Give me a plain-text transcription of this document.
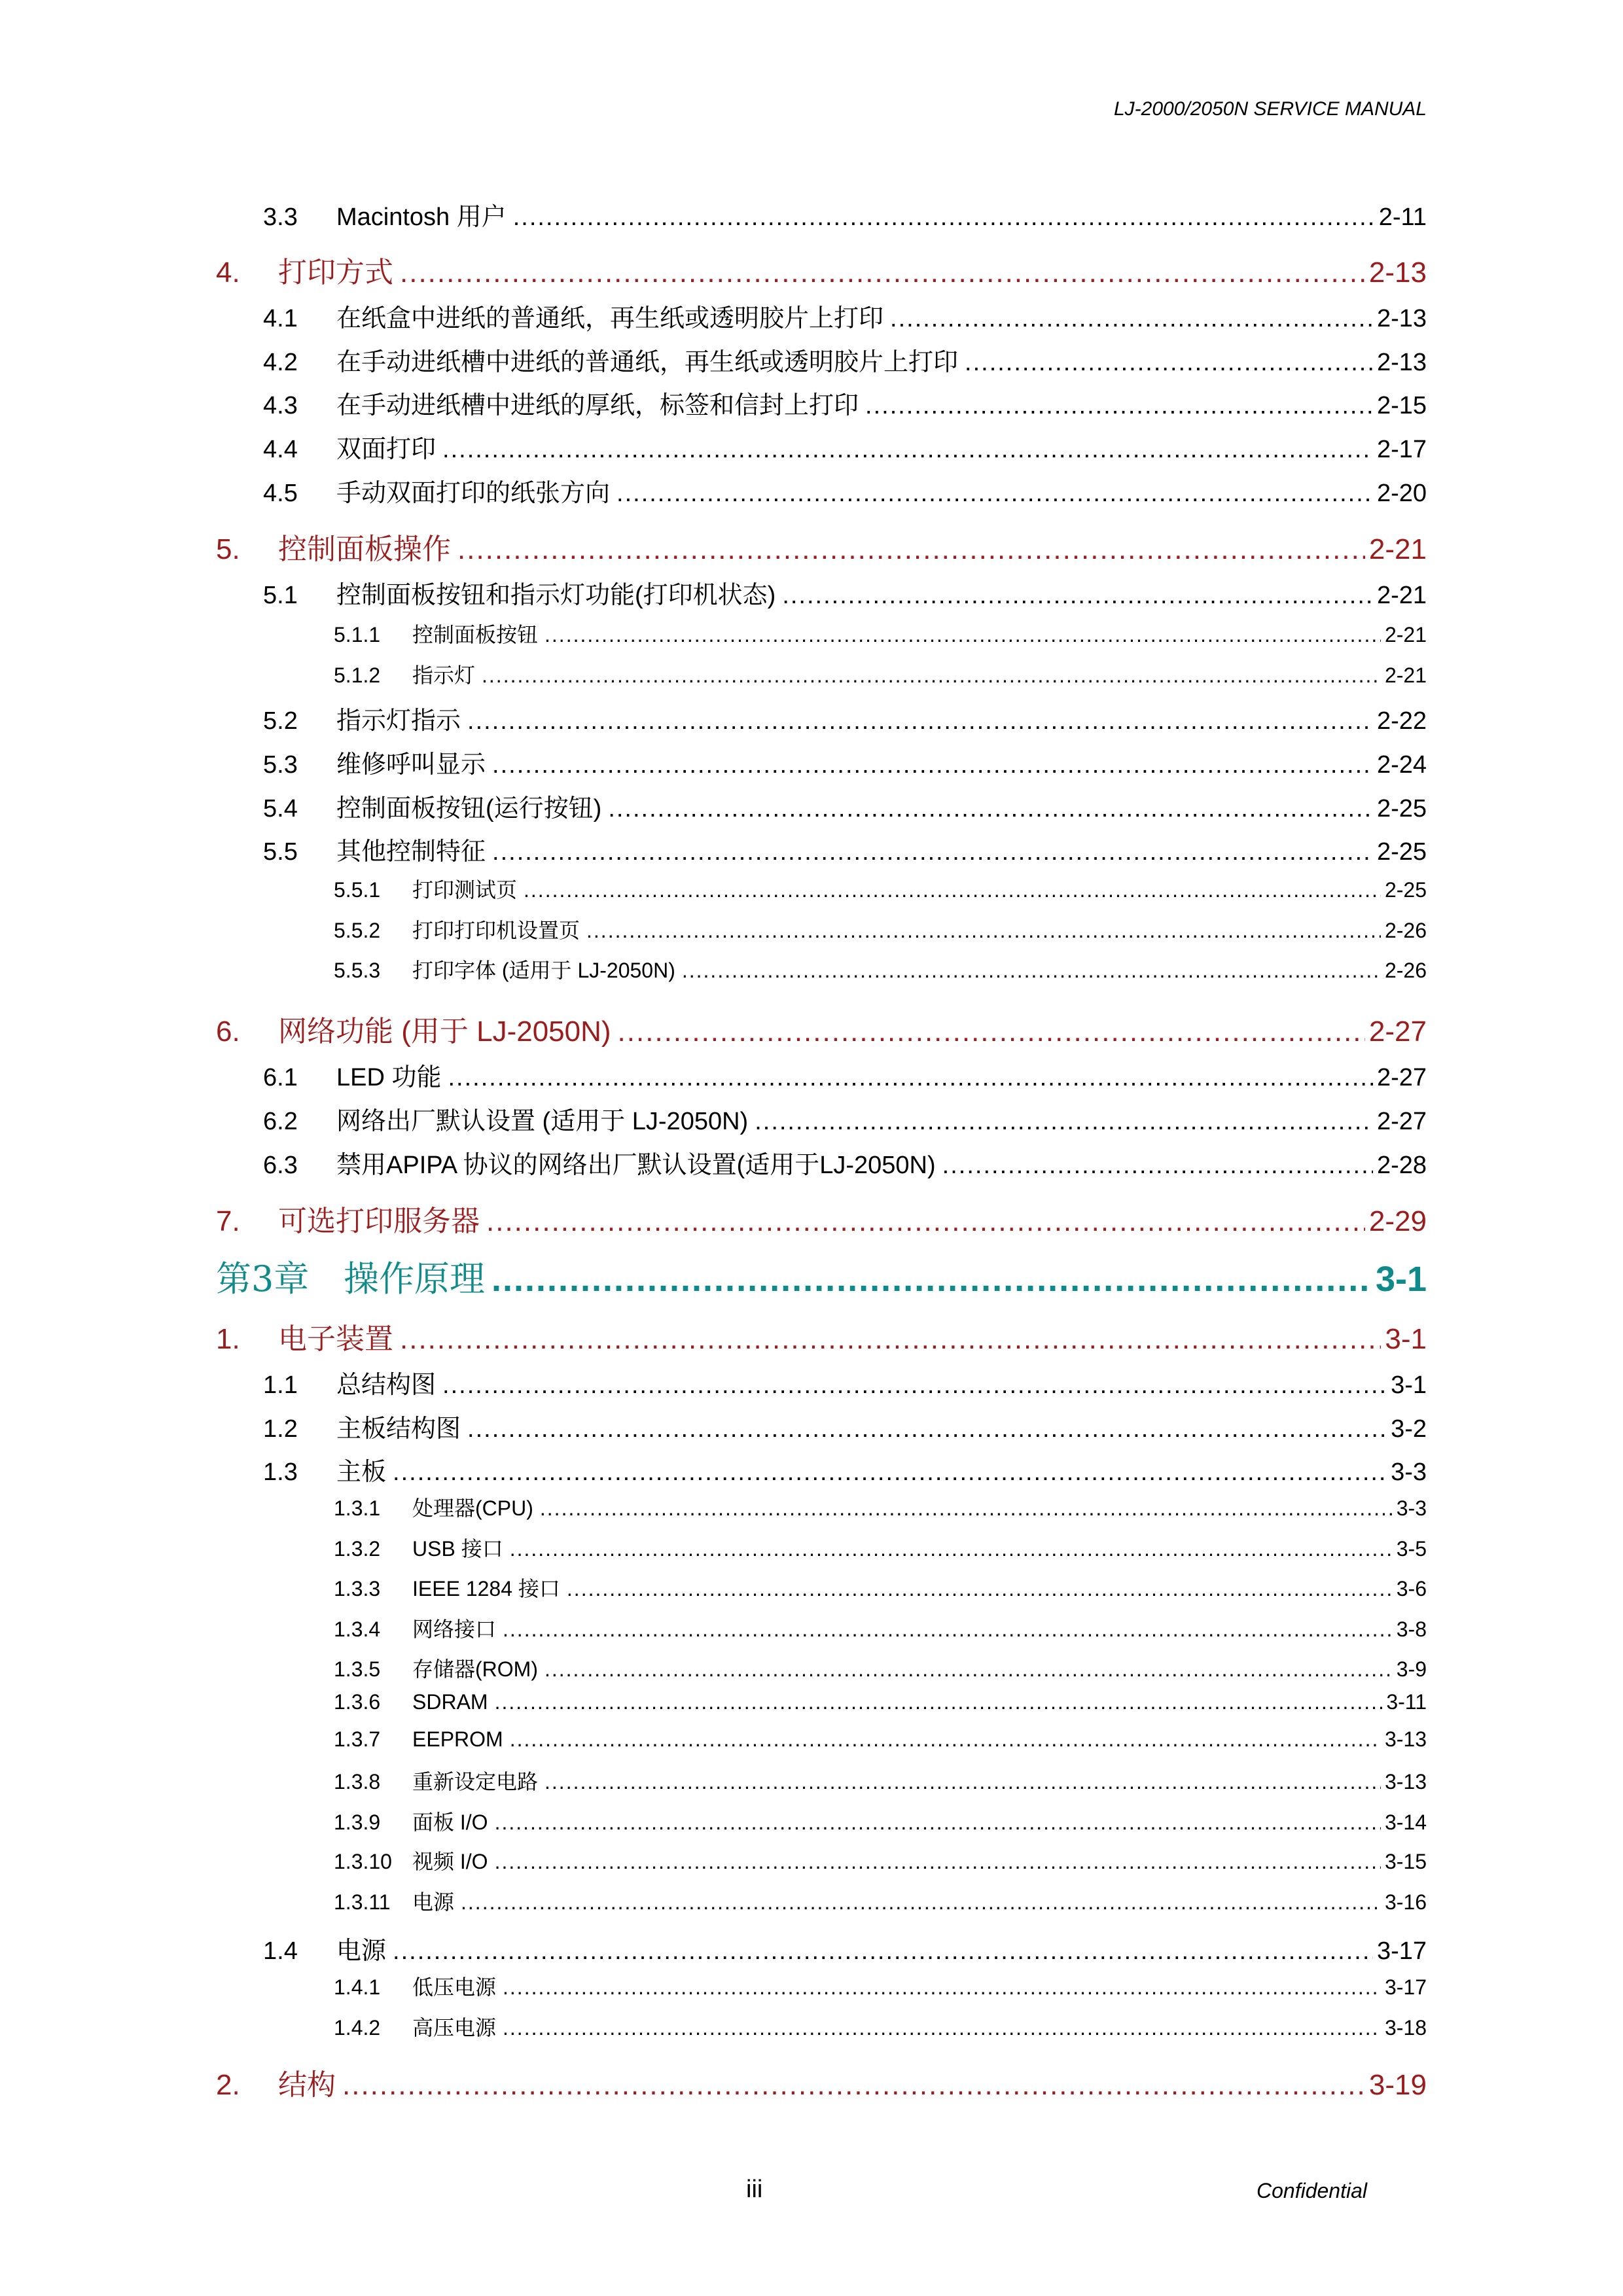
LJ-2000/2050N SERVICE MANUAL
3.3	Macintosh 用户 .....	2-11
4.	打印方式 .....	2-13
4.1	在纸盒中进纸的普通纸，再生纸或透明胶片上打印 .....	2-13
4.2	在手动进纸槽中进纸的普通纸，再生纸或透明胶片上打印 .....	2-13
4.3	在手动进纸槽中进纸的厚纸，标签和信封上打印 .....	2-15
4.4	双面打印 .....	2-17
4.5	手动双面打印的纸张方向 .....	2-20
5.	控制面板操作 .....	2-21
5.1	控制面板按钮和指示灯功能(打印机状态) .....	2-21
5.1.1	控制面板按钮 .....	2-21
5.1.2	指示灯 .....	2-21
5.2	指示灯指示 .....	2-22
5.3	维修呼叫显示 .....	2-24
5.4	控制面板按钮(运行按钮) .....	2-25
5.5	其他控制特征 .....	2-25
5.5.1	打印测试页 .....	2-25
5.5.2	打印打印机设置页 .....	2-26
5.5.3	打印字体 (适用于 LJ-2050N) .....	2-26
6.	网络功能 (用于 LJ-2050N) .....	2-27
6.1	LED 功能 .....	2-27
6.2	网络出厂默认设置 (适用于 LJ-2050N) .....	2-27
6.3	禁用APIPA 协议的网络出厂默认设置(适用于LJ-2050N) .....	2-28
7.	可选打印服务器 .....	2-29
第3章 操作原理 .....	3-1
1.	电子装置 .....	3-1
1.1	总结构图 .....	3-1
1.2	主板结构图 .....	3-2
1.3	主板 .....	3-3
1.3.1	处理器(CPU) .....	3-3
1.3.2	USB 接口 .....	3-5
1.3.3	IEEE 1284 接口 .....	3-6
1.3.4	网络接口 .....	3-8
1.3.5	存储器(ROM) .....	3-9
1.3.6	SDRAM .....	3-11
1.3.7	EEPROM .....	3-13
1.3.8	重新设定电路 .....	3-13
1.3.9	面板 I/O .....	3-14
1.3.10 视频 I/O .....	3-15
1.3.11	电源 .....	3-16
1.4	电源 .....	3-17
1.4.1	低压电源 .....	3-17
1.4.2	高压电源 .....	3-18
2.	结构 .....	3-19
iii	Confidential
